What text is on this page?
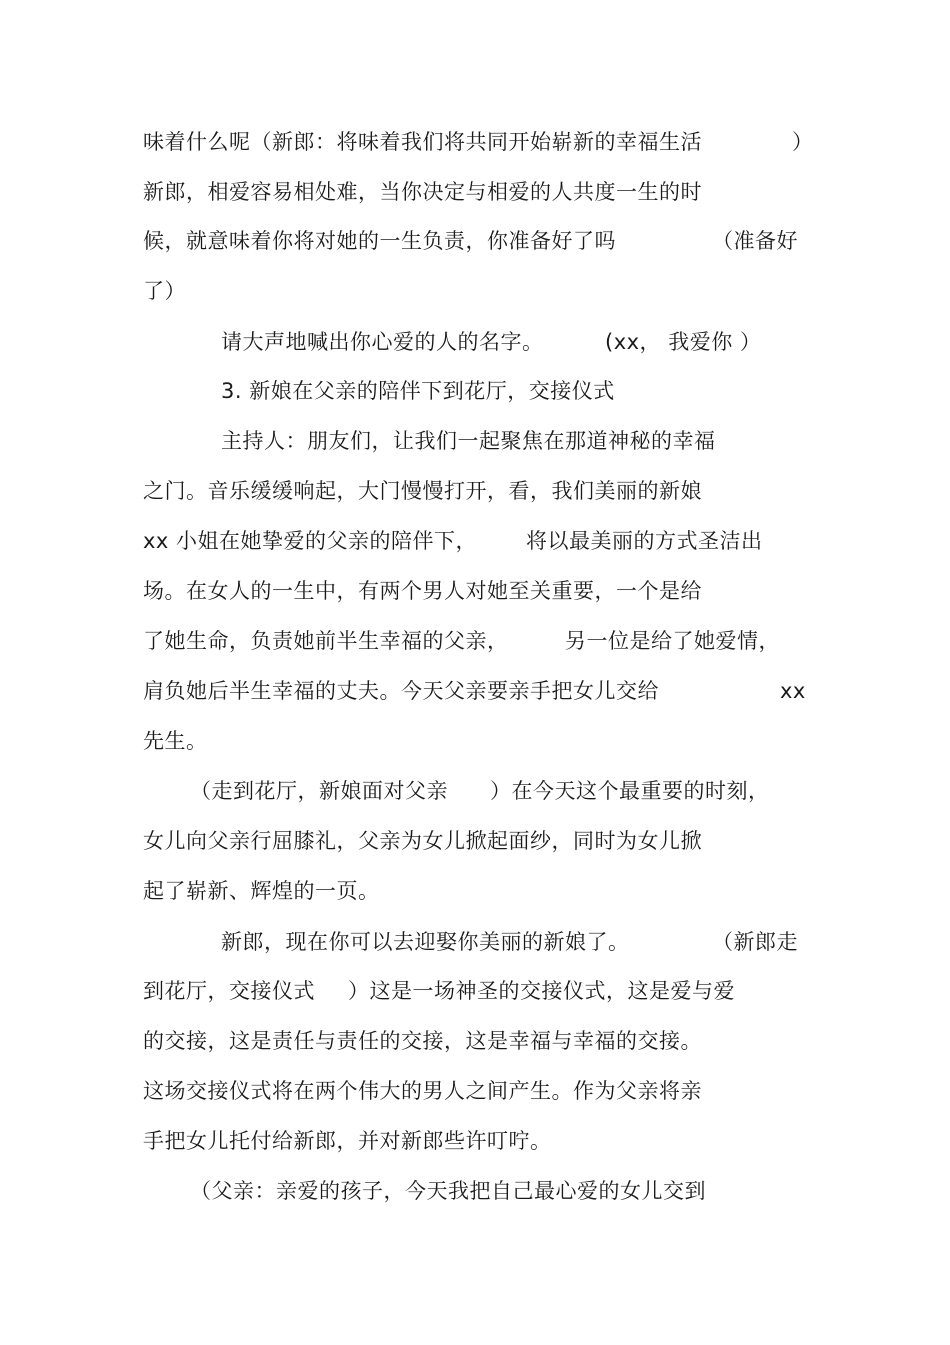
味着什么呢（新郎：将味着我们将共同开始崭新的幸福生活	）
新郎，相爱容易相处难，当你决定与相爱的人共度一生的时
候，就意味着你将对她的一生负责，你准备好了吗	（准备好
了）
请大声地喊出你心爱的人的名字。	(xx， 我爱你 ）
3. 新娘在父亲的陪伴下到花厅，交接仪式
主持人：朋友们，让我们一起聚焦在那道神秘的幸福
之门。音乐缓缓响起，大门慢慢打开，看，我们美丽的新娘
xx 小姐在她挚爱的父亲的陪伴下， 将以最美丽的方式圣洁出
场。在女人的一生中，有两个男人对她至关重要，一个是给
了她生命，负责她前半生幸福的父亲，	另一位是给了她爱情，
肩负她后半生幸福的丈夫。今天父亲要亲手把女儿交给	xx
先生。
（走到花厅，新娘面对父亲 ）在今天这个最重要的时刻，
女儿向父亲行屈膝礼，父亲为女儿掀起面纱，同时为女儿掀
起了崭新、辉煌的一页。
新郎，现在你可以去迎娶你美丽的新娘了。	（新郎走
到花厅，交接仪式 ）这是一场神圣的交接仪式，这是爱与爱
的交接，这是责任与责任的交接，这是幸福与幸福的交接。
这场交接仪式将在两个伟大的男人之间产生。作为父亲将亲
手把女儿托付给新郎，并对新郎些许叮咛。
（父亲：亲爱的孩子，今天我把自己最心爱的女儿交到
